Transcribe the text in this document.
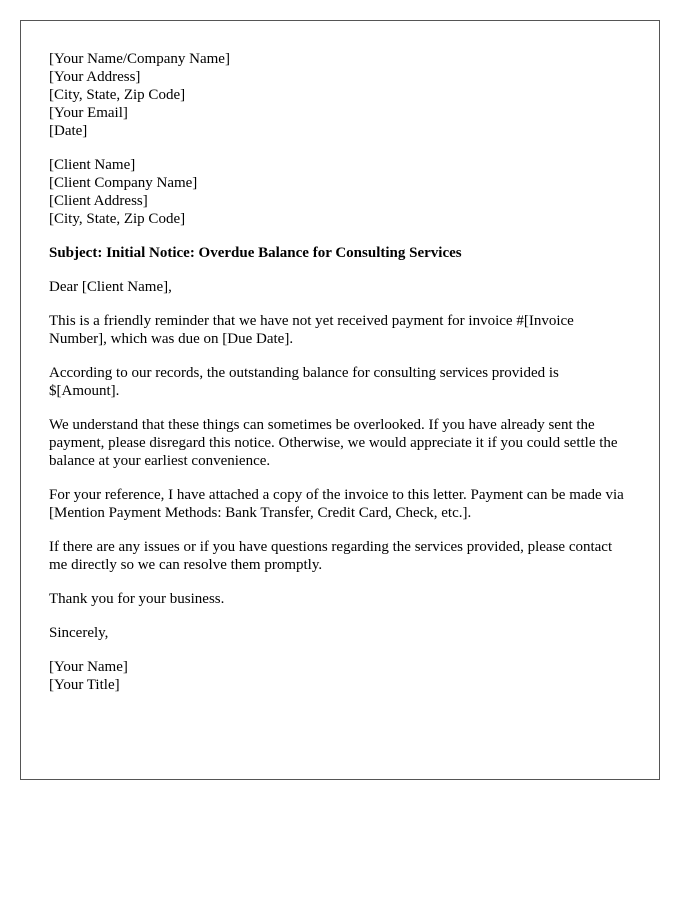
[Your Name/Company Name]
[Your Address]
[City, State, Zip Code]
[Your Email]
[Date]
[Client Name]
[Client Company Name]
[Client Address]
[City, State, Zip Code]

Subject: Initial Notice: Overdue Balance for Consulting Services

Dear [Client Name],

This is a friendly reminder that we have not yet received payment for invoice #[Invoice Number], which was due on [Due Date].

According to our records, the outstanding balance for consulting services provided is $[Amount].

We understand that these things can sometimes be overlooked. If you have already sent the payment, please disregard this notice. Otherwise, we would appreciate it if you could settle the balance at your earliest convenience.

For your reference, I have attached a copy of the invoice to this letter. Payment can be made via [Mention Payment Methods: Bank Transfer, Credit Card, Check, etc.].

If there are any issues or if you have questions regarding the services provided, please contact me directly so we can resolve them promptly.

Thank you for your business.

Sincerely,

[Your Name]
[Your Title]
